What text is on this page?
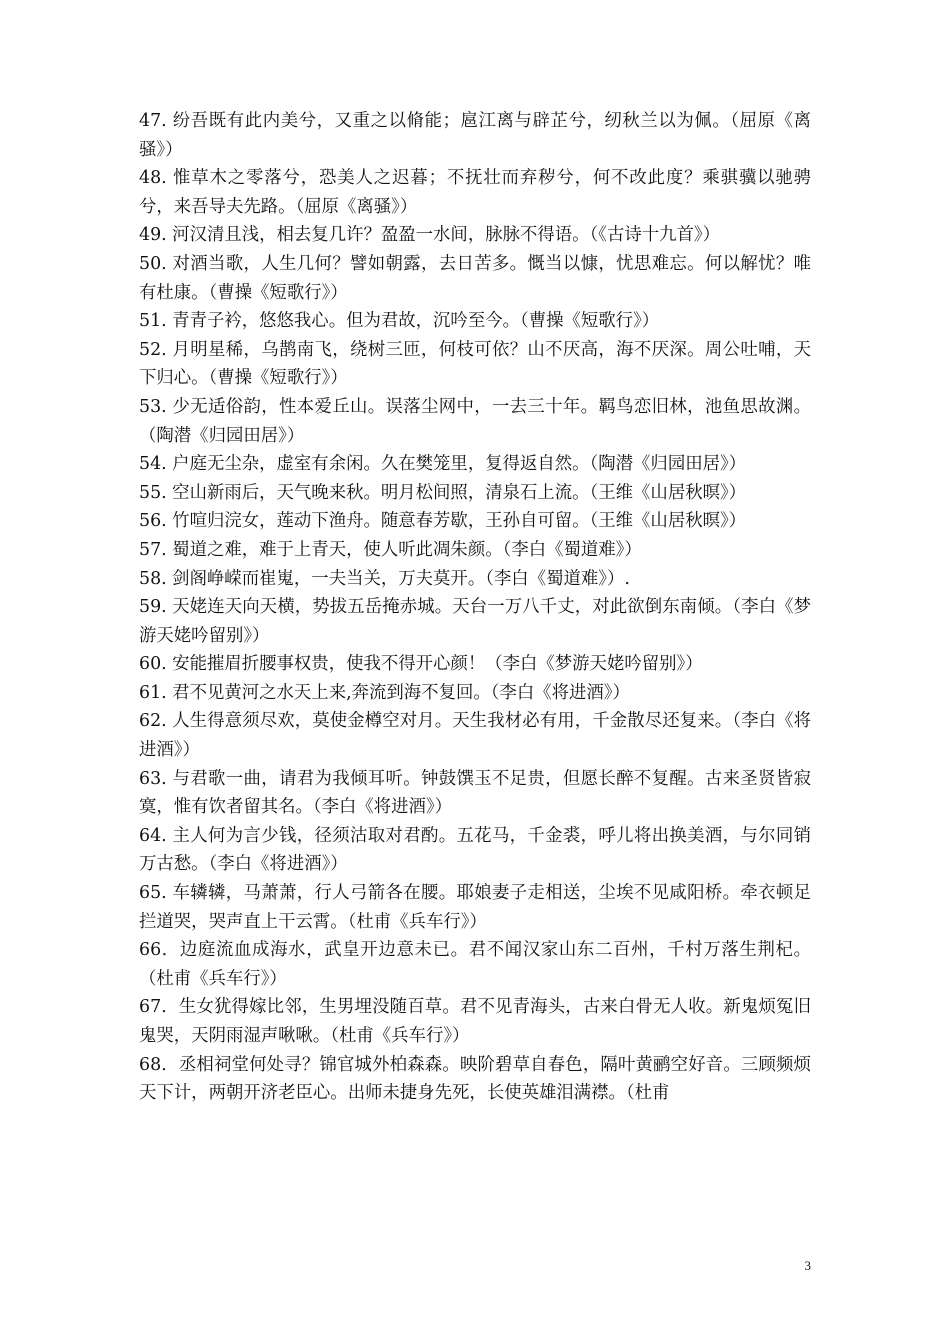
47. 纷吾既有此内美兮，又重之以脩能；扈江离与辟芷兮，纫秋兰以为佩。（屈原《离骚》）
48. 惟草木之零落兮，恐美人之迟暮；不抚壮而弃秽兮，何不改此度？乘骐骥以驰骋兮，来吾导夫先路。（屈原《离骚》）
49. 河汉清且浅，相去复几许？盈盈一水间，脉脉不得语。（《古诗十九首》）
50. 对酒当歌，人生几何？譬如朝露，去日苦多。慨当以慷，忧思难忘。何以解忧？唯有杜康。（曹操《短歌行》）
51. 青青子衿，悠悠我心。但为君故，沉吟至今。（曹操《短歌行》）
52. 月明星稀，乌鹊南飞，绕树三匝，何枝可依？山不厌高，海不厌深。周公吐哺，天下归心。（曹操《短歌行》）
53. 少无适俗韵，性本爱丘山。误落尘网中，一去三十年。羁鸟恋旧林，池鱼思故渊。（陶潜《归园田居》）
54. 户庭无尘杂，虚室有余闲。久在樊笼里，复得返自然。（陶潜《归园田居》）
55. 空山新雨后，天气晚来秋。明月松间照，清泉石上流。（王维《山居秋暝》）
56. 竹喧归浣女，莲动下渔舟。随意春芳歇，王孙自可留。（王维《山居秋暝》）
57. 蜀道之难，难于上青天，使人听此凋朱颜。（李白《蜀道难》）
58. 剑阁峥嵘而崔嵬，一夫当关，万夫莫开。（李白《蜀道难》）.
59. 天姥连天向天横，势拔五岳掩赤城。天台一万八千丈，对此欲倒东南倾。（李白《梦游天姥吟留别》）
60. 安能摧眉折腰事权贵，使我不得开心颜！（李白《梦游天姥吟留别》）
61. 君不见黄河之水天上来,奔流到海不复回。（李白《将进酒》）
62. 人生得意须尽欢，莫使金樽空对月。天生我材必有用，千金散尽还复来。（李白《将进酒》）
63. 与君歌一曲，请君为我倾耳听。钟鼓馔玉不足贵，但愿长醉不复醒。古来圣贤皆寂寞，惟有饮者留其名。（李白《将进酒》）
64. 主人何为言少钱，径须沽取对君酌。五花马，千金裘，呼儿将出换美酒，与尔同销万古愁。（李白《将进酒》）
65. 车辚辚，马萧萧，行人弓箭各在腰。耶娘妻子走相送，尘埃不见咸阳桥。牵衣顿足拦道哭，哭声直上干云霄。（杜甫《兵车行》）
66．边庭流血成海水，武皇开边意未已。君不闻汉家山东二百州，千村万落生荆杞。（杜甫《兵车行》）
67．生女犹得嫁比邻，生男埋没随百草。君不见青海头，古来白骨无人收。新鬼烦冤旧鬼哭，天阴雨湿声啾啾。（杜甫《兵车行》）
68．丞相祠堂何处寻？锦官城外柏森森。映阶碧草自春色，隔叶黄鹂空好音。三顾频烦天下计，两朝开济老臣心。出师未捷身先死，长使英雄泪满襟。（杜甫
3
